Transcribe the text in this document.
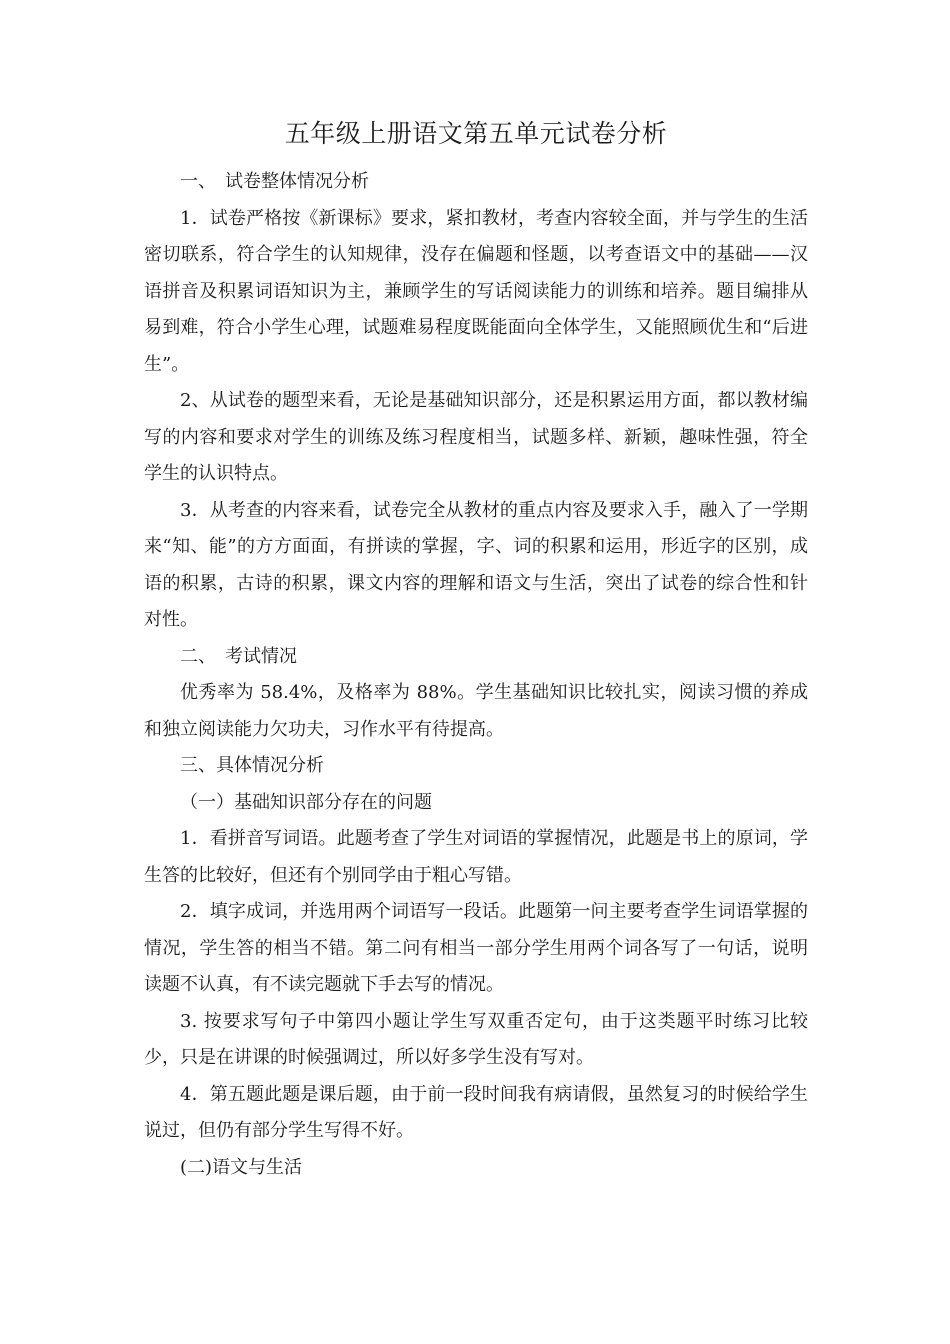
五年级上册语文第五单元试卷分析

一、　试卷整体情况分析

1．试卷严格按《新课标》要求，紧扣教材，考查内容较全面，并与学生的生活密切联系，符合学生的认知规律，没存在偏题和怪题，以考查语文中的基础——汉语拼音及积累词语知识为主，兼顾学生的写话阅读能力的训练和培养。题目编排从易到难，符合小学生心理，试题难易程度既能面向全体学生，又能照顾优生和“后进生”。

2、从试卷的题型来看，无论是基础知识部分，还是积累运用方面，都以教材编写的内容和要求对学生的训练及练习程度相当，试题多样、新颖，趣味性强，符全学生的认识特点。

3．从考查的内容来看，试卷完全从教材的重点内容及要求入手，融入了一学期来“知、能”的方方面面，有拼读的掌握，字、词的积累和运用，形近字的区别，成语的积累，古诗的积累，课文内容的理解和语文与生活，突出了试卷的综合性和针对性。

二、　考试情况

优秀率为 58.4%，及格率为 88%。学生基础知识比较扎实，阅读习惯的养成和独立阅读能力欠功夫，习作水平有待提高。

三、具体情况分析

（一）基础知识部分存在的问题

1．看拼音写词语。此题考查了学生对词语的掌握情况，此题是书上的原词，学生答的比较好，但还有个别同学由于粗心写错。

2．填字成词，并选用两个词语写一段话。此题第一问主要考查学生词语掌握的情况，学生答的相当不错。第二问有相当一部分学生用两个词各写了一句话，说明读题不认真，有不读完题就下手去写的情况。

3. 按要求写句子中第四小题让学生写双重否定句，由于这类题平时练习比较少，只是在讲课的时候强调过，所以好多学生没有写对。

4．第五题此题是课后题，由于前一段时间我有病请假，虽然复习的时候给学生说过，但仍有部分学生写得不好。

(二)语文与生活
